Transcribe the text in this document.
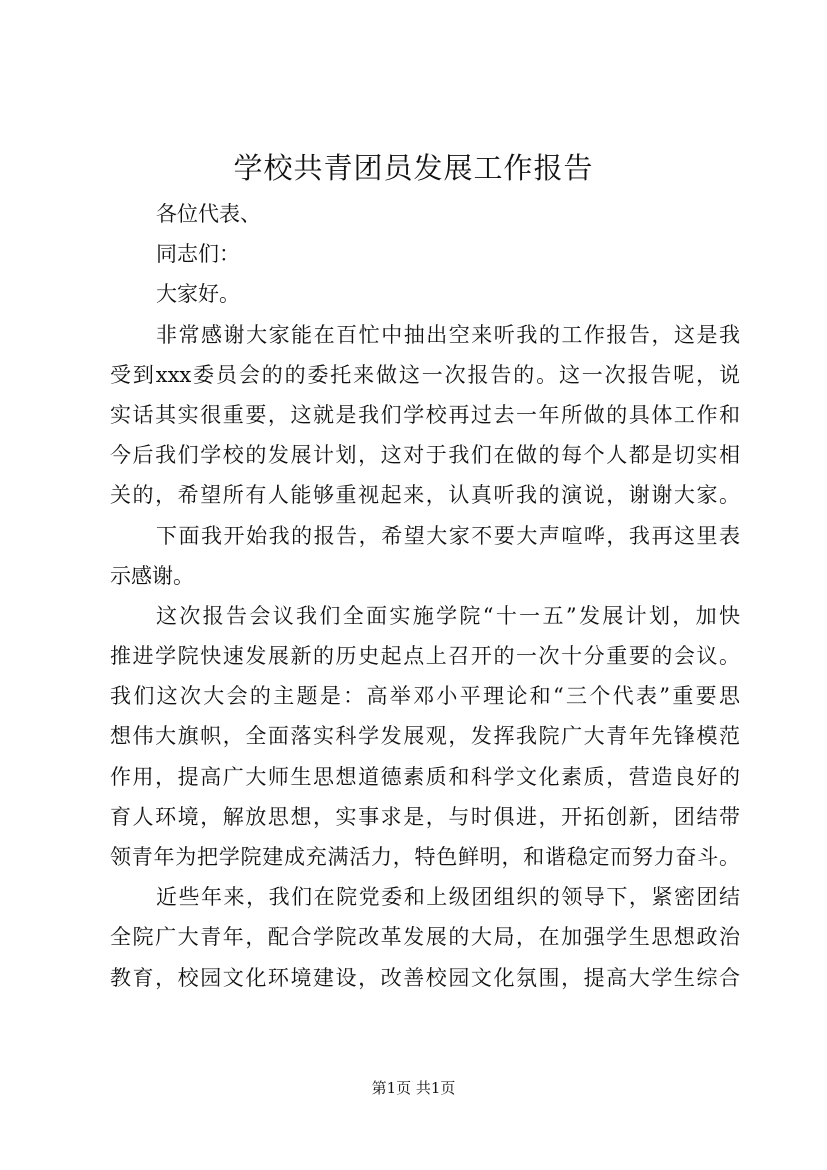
学校共青团员发展工作报告
各位代表、
同志们：
大家好。
非常感谢大家能在百忙中抽出空来听我的工作报告，这是我
受到xxx委员会的的委托来做这一次报告的。这一次报告呢，说
实话其实很重要，这就是我们学校再过去一年所做的具体工作和
今后我们学校的发展计划，这对于我们在做的每个人都是切实相
关的，希望所有人能够重视起来，认真听我的演说，谢谢大家。
下面我开始我的报告，希望大家不要大声喧哗，我再这里表
示感谢。
这次报告会议我们全面实施学院“十一五”发展计划，加快
推进学院快速发展新的历史起点上召开的一次十分重要的会议。
我们这次大会的主题是：高举邓小平理论和“三个代表”重要思
想伟大旗帜，全面落实科学发展观，发挥我院广大青年先锋模范
作用，提高广大师生思想道德素质和科学文化素质，营造良好的
育人环境，解放思想，实事求是，与时俱进，开拓创新，团结带
领青年为把学院建成充满活力，特色鲜明，和谐稳定而努力奋斗。
近些年来，我们在院党委和上级团组织的领导下，紧密团结
全院广大青年，配合学院改革发展的大局，在加强学生思想政治
教育，校园文化环境建设，改善校园文化氛围，提高大学生综合
第1页 共1页
